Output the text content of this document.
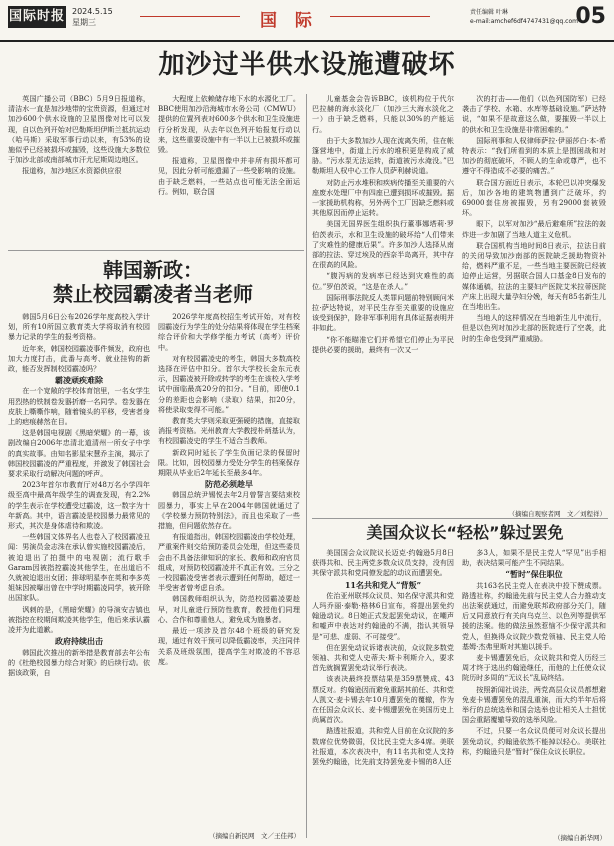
国际时报 2024.5.15
星期三	国 际	责任编辑 叶琳
e-mail:amchef6df4747431@qq.com
05
加沙过半供水设施遭破坏

英国广播公司（BBC）5月9日报道称，清洁水一直是加沙地带的宝贵资源，但通过对加沙600个供水设施的卫星图像对比可以发现，自以色列开始对巴勒斯坦伊斯兰抵抗运动（哈马斯）采取军事行动以来，有53%的设施似乎已经被损坏或摧毁，这些设施大多数位于加沙北部或南部城市汗尤尼斯周边地区。

报道称，加沙地区水资源供应很

大程度上依赖储存地下水的水源化工厂。BBC使用加沙沿海城市水务公司（CMWU）提供的位置列表对600多个供水和卫生设施进行分析发现，从去年以色列开始报复行动以来，这些重要设施中有一半以上已被损坏或摧毁。

报道称，卫星图像中并非所有损坏都可见，因此分析可能遗漏了一些受影响的设施。由于缺乏燃料，一些站点也可能无法全面运行。例如，联合国

儿童基金会告诉BBC，该机构位于代尔巴拉赫的海水淡化厂（加沙三大海水淡化之一）由于缺乏燃料，只能以30%的产能运行。

由于大多数加沙人现在流离失所，住在帐篷营地中，街道上污水的堆积更是构成了威胁。“污水泵无法运转，街道被污水淹没。”巴勒斯坦人权中心工作人员萨利赫说道。

对防止污水堆积和疾病传播至关重要的六座废水处理厂中有四座已遭到损坏或摧毁。据一家援助机构称，另外两个工厂因缺乏燃料或其他原因而停止运转。

美国无国界医生组织执行董事娜塔莉·罗伯茨表示，水和卫生设施的破坏给“人们带来了灾难性的健康后果”。许多加沙人选择从南部的拉法、穿过埃及的西奈半岛离开，其中存在很高的风险。

“腹泻病的发病率已经达到灾难性的高位。”罗伯茨说，“这是在杀人。”

国际刑事法院反人类罪问题前特别顾问米拉·萨达特说，对平民生存至关重要的设施应该受到保护，除非军事利用有具体证据表明并非如此。

“你不能瞄准它们并希望它们停止为平民提供必要的援助，最终有一次又一

次的打击——他们（以色列国防军）已经袭击了学校、水箱、水库等基础设施。”萨达特说，“如果不是故意这么做，要摧毁一半以上的供水和卫生设施是非常困难的。”

国际刑事和人权律师萨拉·伊丽莎白·本-希特表示：“我们所看到的本质上是围困战和对加沙的彻底破坏，不顾人的生命或尊严，也不遵守不得造成不必要的痛苦。”

联合国方面近日表示，本轮巴以冲突爆发后，加沙各地的建筑物遭到广泛破坏，约69000套住房被摧毁，另有29000套被毁坏。

眼下，以军对加沙“最后避难所”拉法的轰炸进一步加剧了当地人道主义危机。

联合国机构当地时间8日表示，拉法日前的关闭导致加沙南部的医院缺乏援助物资补给，燃料严重不足，一些当地主要医院已经被迫停止运营，另据联合国人口基金8日发布的媒体通稿，拉法的主要妇产医院艾米拉蒂医院产床上出现大量孕妇分娩，每天有85名新生儿在当地出生。

当地人的这样情况在当地新生儿中流行，但是以色列对加沙北部的医院进行了空袭，此时的生命也受到严重威胁。

（摘编自观察者网　文／刘程祥）
韩国新政：
禁止校园霸凌者当老师

韩国5月6日公布2026学年度高校入学计划，所有10所国立教育类大学将取消有校园暴力记录的学生的报考资格。

近年来，韩国校园霸凌事件频发，政府也加大力度打击，此番与高考、就业挂钩的新政，能否发挥制校园霸凌吗？

霸凌顽疾难除

在一个宽敞的学校体育馆里，一名女学生用烈热的铁制卷发器折磨一名同学。卷发器在皮肤上嘶嘶作响，随着镜头的平移，受害者身上的疤痕赫然在目。

这是韩国电视剧《黑暗荣耀》的一幕，该剧改编自2006年忠清北道清州一所女子中学的真实故事。由知名影星宋慧乔主演，揭示了韩国校园霸凌的严重程度，并激发了韩国社会要求采取行动解决问题的呼声。

2023年首尔市教育厅对48万名小学四年级至高中最高年级学生的调查发现，有2.2%的学生表示在学校遭受过霸凌，这一数字为十年新高。其中，语言霸凌是校园暴力最常见的形式，其次是身体虐待和欺凌。

一些韩国文体界名人也卷入了校园霸凌丑闻：男演员金志洙在承认曾实施校园霸凌后，被迫退出了拍摄中的电视剧；流行歌手Garam因被指控霸凌其他学生，在出道后不久就被迫退出女团；排球明星李在英和李多英姐妹因被曝出曾在中学时期霸凌同学，被开除出国家队。

讽刺的是，《黑暗荣耀》的导演安吉镐也被指控在校期间欺凌其他学生，他后来承认霸凌并为此道歉。

政府持续出击

韩国此次推出的新举措是教育部去年公布的《杜绝校园暴力综合对策》的后续行动。依据该政策，自

2026学年度高校招生考试开始，对有校园霸凌行为学生的处分结果将体现在学生档案综合评价和大学修学能力考试（高考）评价中。

对有校园霸凌史的考生，韩国大多数高校选择在评估中扣分。首尔大学校长金东元表示，因霸凌被开除或转学的考生在该校入学考试中面临最高20分的扣分。“目前，即使0.1分的差距也会影响（录取）结果，扣20分，将使录取变得不可能。”

教育类大学则采取更强硬的措施，直接取消报考资格。光州教育大学教授朴炳基认为，有校园霸凌史的学生不适合当教师。

新政同时延长了学生负面记录的保留时限。比如，因校园暴力受处分学生的档案保存期限从毕业后2年延长至最多4年。

防范必须趁早

韩国总统尹锡悦去年2月曾誓言要结束校园暴力，事实上早在2004年韩国就通过了《学校暴力预防特别法》，而且也采取了一些措施，但问题依然存在。

有报道指出，韩国校园霸凌由学校处理，严重案件则交给预防委员会处理，但这些委员会由不具备法律知识的家长、教师和政府官员组成，对预防校园霸凌并不真正有效。三分之一校园霸凌受害者表示遭到任何帮助，超过一半受害者曾考虑自杀。

韩国教师组织认为，防范校园霸凌要趁早，对儿童进行预防性教育，教授他们同理心、合作和尊重他人，避免成为施暴者。

最近一项涉及首尔48个班级的研究发现，通过有效干预可以降低霸凌率，关注同伴关系及班级氛围，提高学生对欺凌的不容忍度。

（摘编自新民网　文／王佳邦）
美国众议长“轻松”躲过罢免

美国国会众议院议长迈克·约翰逊5月8日获得共和、民主两党多数众议员支持，没有因其保守派共和党同僚发起的动议而遭罢免。

11名共和党人“背叛”

佐治亚州联邦众议员、知名保守派共和党人玛乔丽·泰勒·格林6日宣布，将提出罢免约翰逊动议。8日她正式发起罢免动议，在嘲声和嘘声中表达对约翰逊的不满，指认其领导是“可悲、虚弱、不可接受”。

但在罢免动议诉诸表决前，众议院多数党领袖、共和党人史蒂夫·斯卡利斯介入，要求首先就搁置罢免动议举行表决。

该表决最终投票结果是359票赞成、43票反对。约翰逊因而避免重蹈其前任、共和党人凯文·麦卡锡去年10月遭罢免的覆辙，作为在任国会众议长、麦卡锡遭罢免在美国历史上尚属首次。

路透社报道，共和党人目前在众议院的多数席位优势微弱，仅比民主党大多4席。美联社报道，本次表决中，有11名共和党人支持罢免约翰逊，比先前支持罢免麦卡锡的8人还

多3人，如果不是民主党人“罕见”出手相助，表决结果可能产生不同结果。

“暂时”保住职位

共163名民主党人在表决中投下赞成票。路透社称，约翰逊先前与民主党人合力推动支出法案获通过，而避免联邦政府部分关门，随后又同意放行有关向乌克兰、以色列等提供军援的法案。他的做法虽然惹恼不少保守派共和党人，但换得众议院少数党领袖、民主党人哈基姆·杰弗里斯对其施以援手。

麦卡锡遭罢免后，众议院共和党人历经三周才终于选出约翰逊继任，而他的上任使众议院历时多周的“无议长”乱局终结。

按照新闻社说法，两党高层众议员都想避免麦卡锡遭罢免的混乱重演，而大约半年后将举行的总统选举和国会选举也让相关人士担忧国会重蹈覆辙导致的选举风险。

不过，只要一名众议员便可对众议长提出罢免动议，约翰逊依然不能掉以轻心。美联社称，约翰逊只是“暂时”保住众议长职位。

（摘编自新华网）
